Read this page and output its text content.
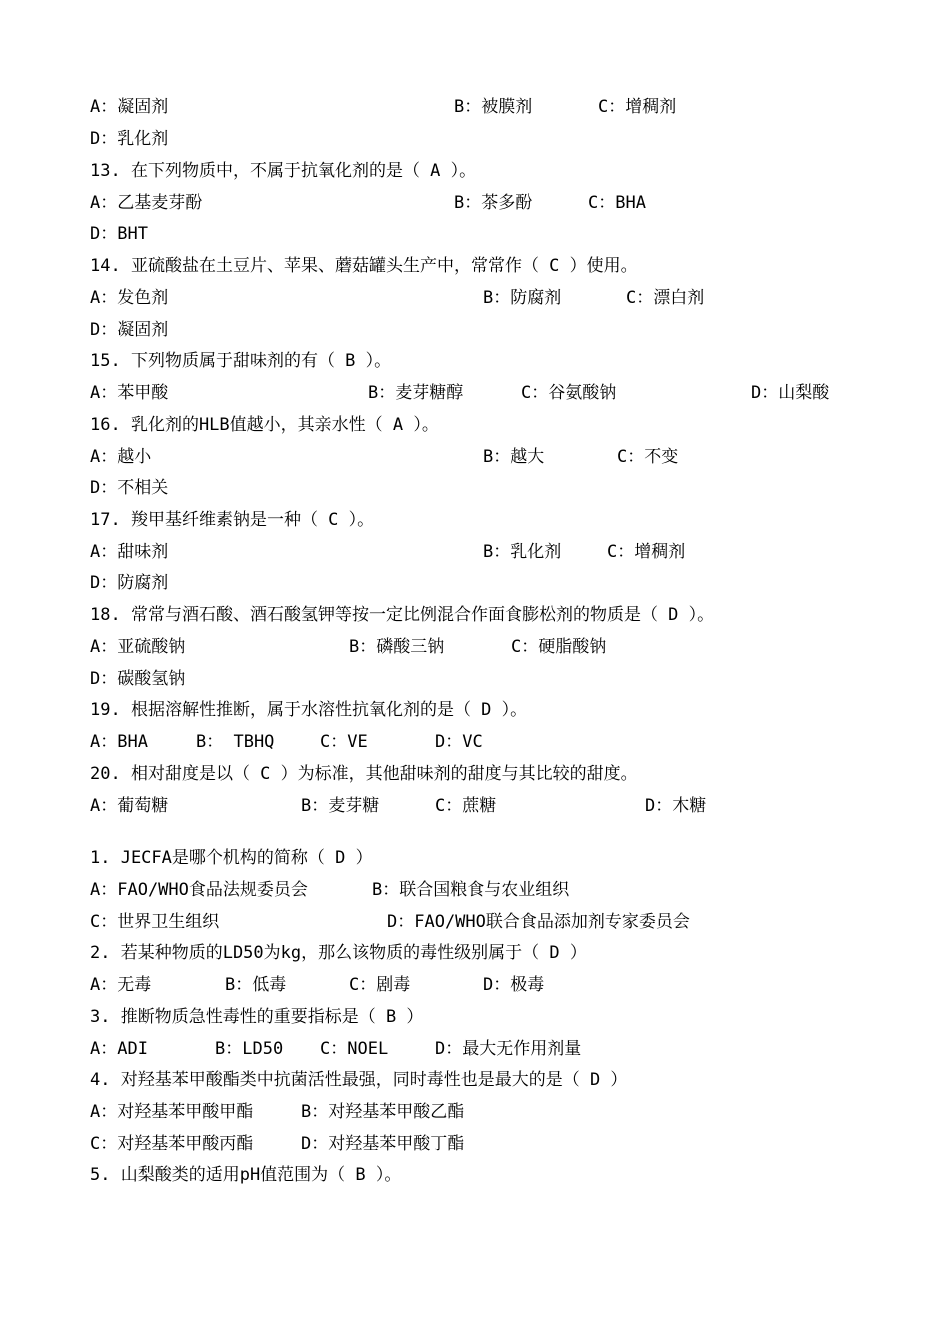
A：凝固剂	B：被膜剂	C：增稠剂
D：乳化剂
13. 在下列物质中，不属于抗氧化剂的是（ A ）。
A：乙基麦芽酚	B：茶多酚	C：BHA
D：BHT
14. 亚硫酸盐在土豆片、苹果、蘑菇罐头生产中，常常作（ C ）使用。
A：发色剂	B：防腐剂	C：漂白剂
D：凝固剂
15. 下列物质属于甜味剂的有（ B ）。
A：苯甲酸	B：麦芽糖醇	C：谷氨酸钠	D：山梨酸
16. 乳化剂的HLB值越小，其亲水性（ A ）。
A：越小	B：越大	C：不变
D：不相关
17. 羧甲基纤维素钠是一种（ C ）。
A：甜味剂	B：乳化剂	C：增稠剂
D：防腐剂
18. 常常与酒石酸、酒石酸氢钾等按一定比例混合作面食膨松剂的物质是（ D ）。
A：亚硫酸钠	B：磷酸三钠	C：硬脂酸钠
D：碳酸氢钠
19. 根据溶解性推断，属于水溶性抗氧化剂的是（ D ）。
A：BHA	B： TBHQ	C：VE	D：VC
20. 相对甜度是以（ C ）为标准，其他甜味剂的甜度与其比较的甜度。
A：葡萄糖	B：麦芽糖	C：蔗糖	D：木糖
1. JECFA是哪个机构的简称（ D ）
A：FAO/WHO食品法规委员会	B：联合国粮食与农业组织
C：世界卫生组织	D：FAO/WHO联合食品添加剂专家委员会
2. 若某种物质的LD50为kg，那么该物质的毒性级别属于（ D ）
A：无毒	B：低毒	C：剧毒	D：极毒
3. 推断物质急性毒性的重要指标是（ B ）
A：ADI	B：LD50 C：NOEL	D：最大无作用剂量
4. 对羟基苯甲酸酯类中抗菌活性最强，同时毒性也是最大的是（ D ）
A：对羟基苯甲酸甲酯	B：对羟基苯甲酸乙酯
C：对羟基苯甲酸丙酯	D：对羟基苯甲酸丁酯
5. 山梨酸类的适用pH值范围为（ B ）。
